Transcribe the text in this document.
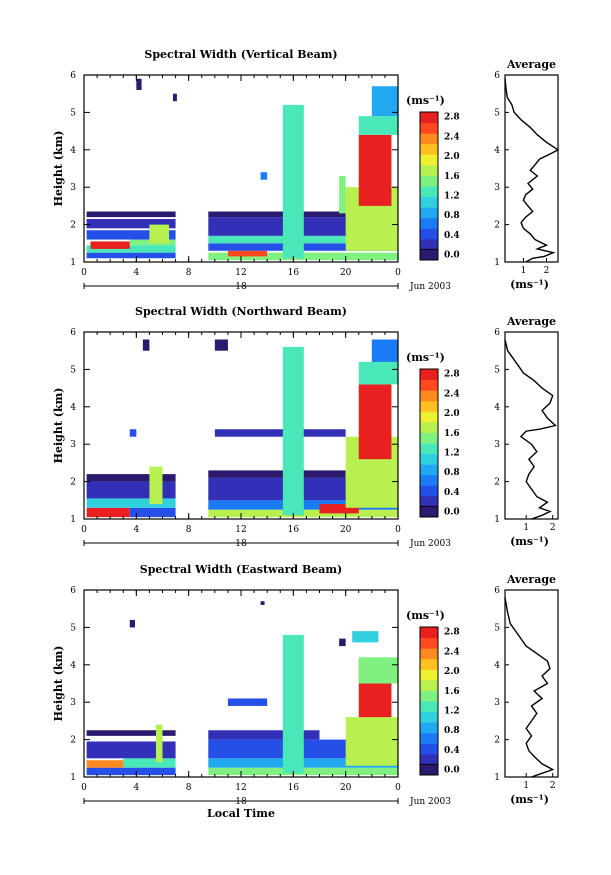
Spectral Width (Vertical Beam)
0	4	8	12	16	20	0
1
2
3
4
5
6
Height (km)
18	Jun 2003
(ms⁻¹)
0.0
0.4
0.8
1.2
1.6
2.0
2.4
2.8
Average
1
2
3
4
5
6
1 2
(ms⁻¹)
Spectral Width (Northward Beam)
0	4	8	12	16	20	0
1
2
3
4
5
6
Height (km)
18	Jun 2003
(ms⁻¹)
0.0
0.4
0.8
1.2
1.6
2.0
2.4
2.8
Average
1
2
3
4
5
6
1 2
(ms⁻¹)
Spectral Width (Eastward Beam)
0	4	8	12	16	20	0
1
2
3
4
5
6
Height (km)
18	Jun 2003
Local Time
(ms⁻¹)
0.0
0.4
0.8
1.2
1.6
2.0
2.4
2.8
Average
1
2
3
4
5
6
1 2
(ms⁻¹)
